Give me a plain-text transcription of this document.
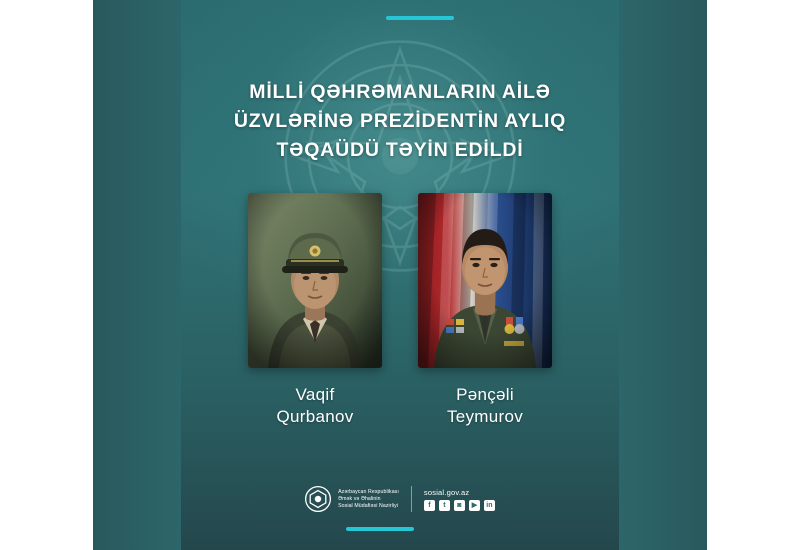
MİLLİ QƏHRƏMANLARIN AİLƏ
ÜZVLƏRİNƏ PREZİDENTİN AYLIQ
TƏQAÜDÜ TƏYİN EDİLDİ
Vaqif
Qurbanov
Pənçəli
Teymurov
Azərbaycan Respublikası
Əmək və Əhalinin
Sosial Müdafiəsi Nazirliyi
sosial.gov.az
f	t	◙	▶	in
